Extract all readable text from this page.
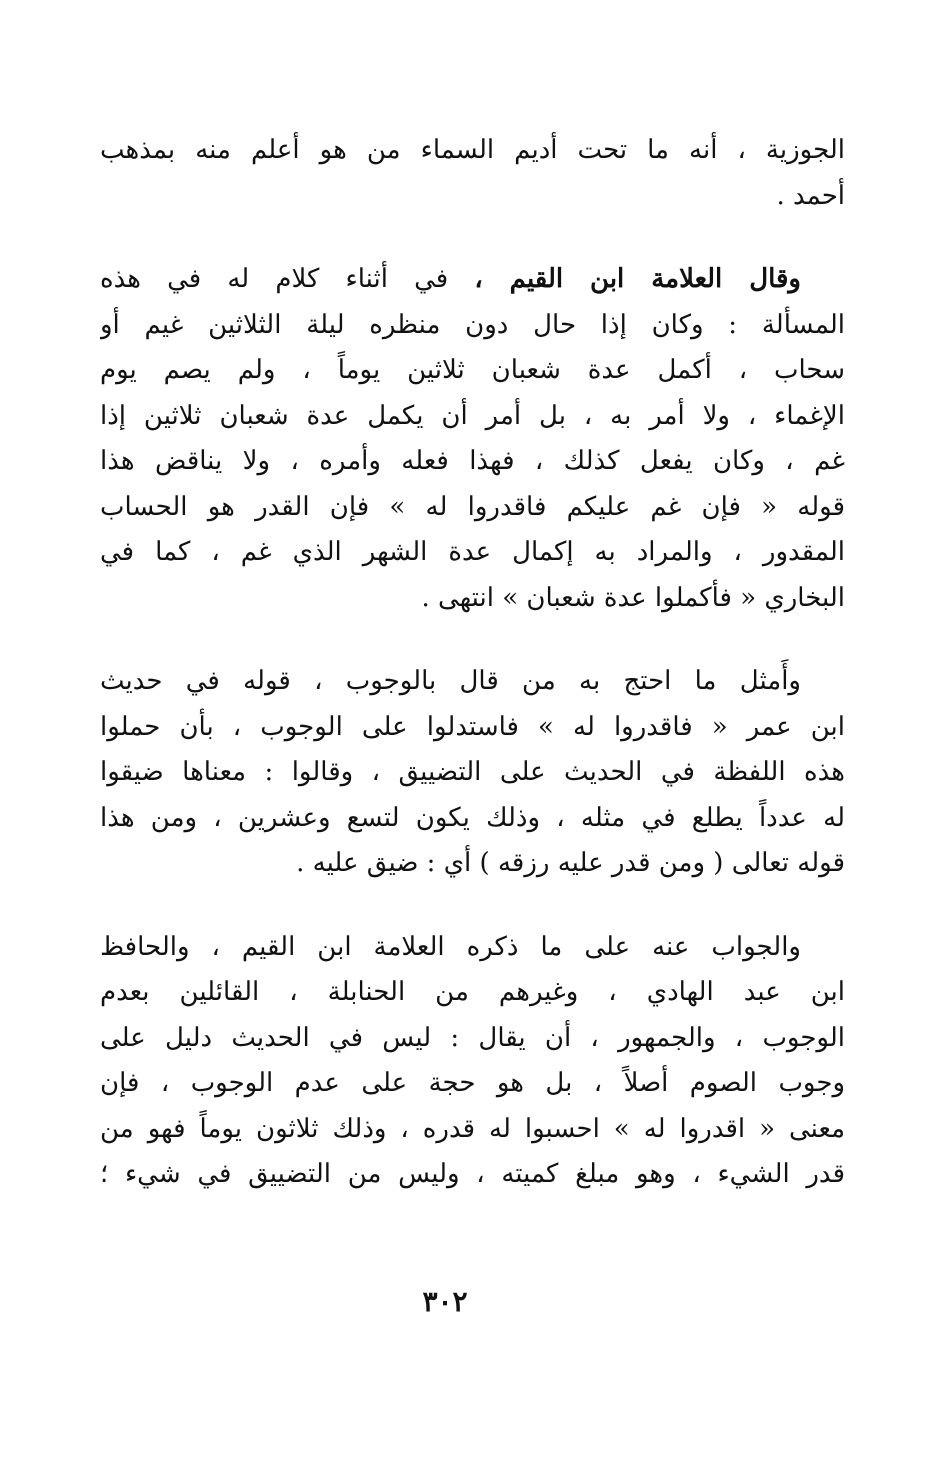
الجوزية ، أنه ما تحت أديم السماء من هو أعلم منه بمذهب
أحمد .
وقال العلامة ابن القيم ، في أثناء كلام له في هذه
المسألة : وكان إذا حال دون منظره ليلة الثلاثين غيم أو
سحاب ، أكمل عدة شعبان ثلاثين يوماً ، ولم يصم يوم
الإغماء ، ولا أمر به ، بل أمر أن يكمل عدة شعبان ثلاثين إذا
غم ، وكان يفعل كذلك ، فهذا فعله وأمره ، ولا يناقض هذا
قوله « فإن غم عليكم فاقدروا له » فإن القدر هو الحساب
المقدور ، والمراد به إكمال عدة الشهر الذي غم ، كما في
البخاري « فأكملوا عدة شعبان » انتهى .
وأَمثل ما احتج به من قال بالوجوب ، قوله في حديث
ابن عمر « فاقدروا له » فاستدلوا على الوجوب ، بأن حملوا
هذه اللفظة في الحديث على التضييق ، وقالوا : معناها ضيقوا
له عدداً يطلع في مثله ، وذلك يكون لتسع وعشرين ، ومن هذا
قوله تعالى ( ومن قدر عليه رزقه ) أي : ضيق عليه .
والجواب عنه على ما ذكره العلامة ابن القيم ، والحافظ
ابن عبد الهادي ، وغيرهم من الحنابلة ، القائلين بعدم
الوجوب ، والجمهور ، أن يقال : ليس في الحديث دليل على
وجوب الصوم أصلاً ، بل هو حجة على عدم الوجوب ، فإن
معنى « اقدروا له » احسبوا له قدره ، وذلك ثلاثون يوماً فهو من
قدر الشيء ، وهو مبلغ كميته ، وليس من التضييق في شيء ؛
٣٠٢
